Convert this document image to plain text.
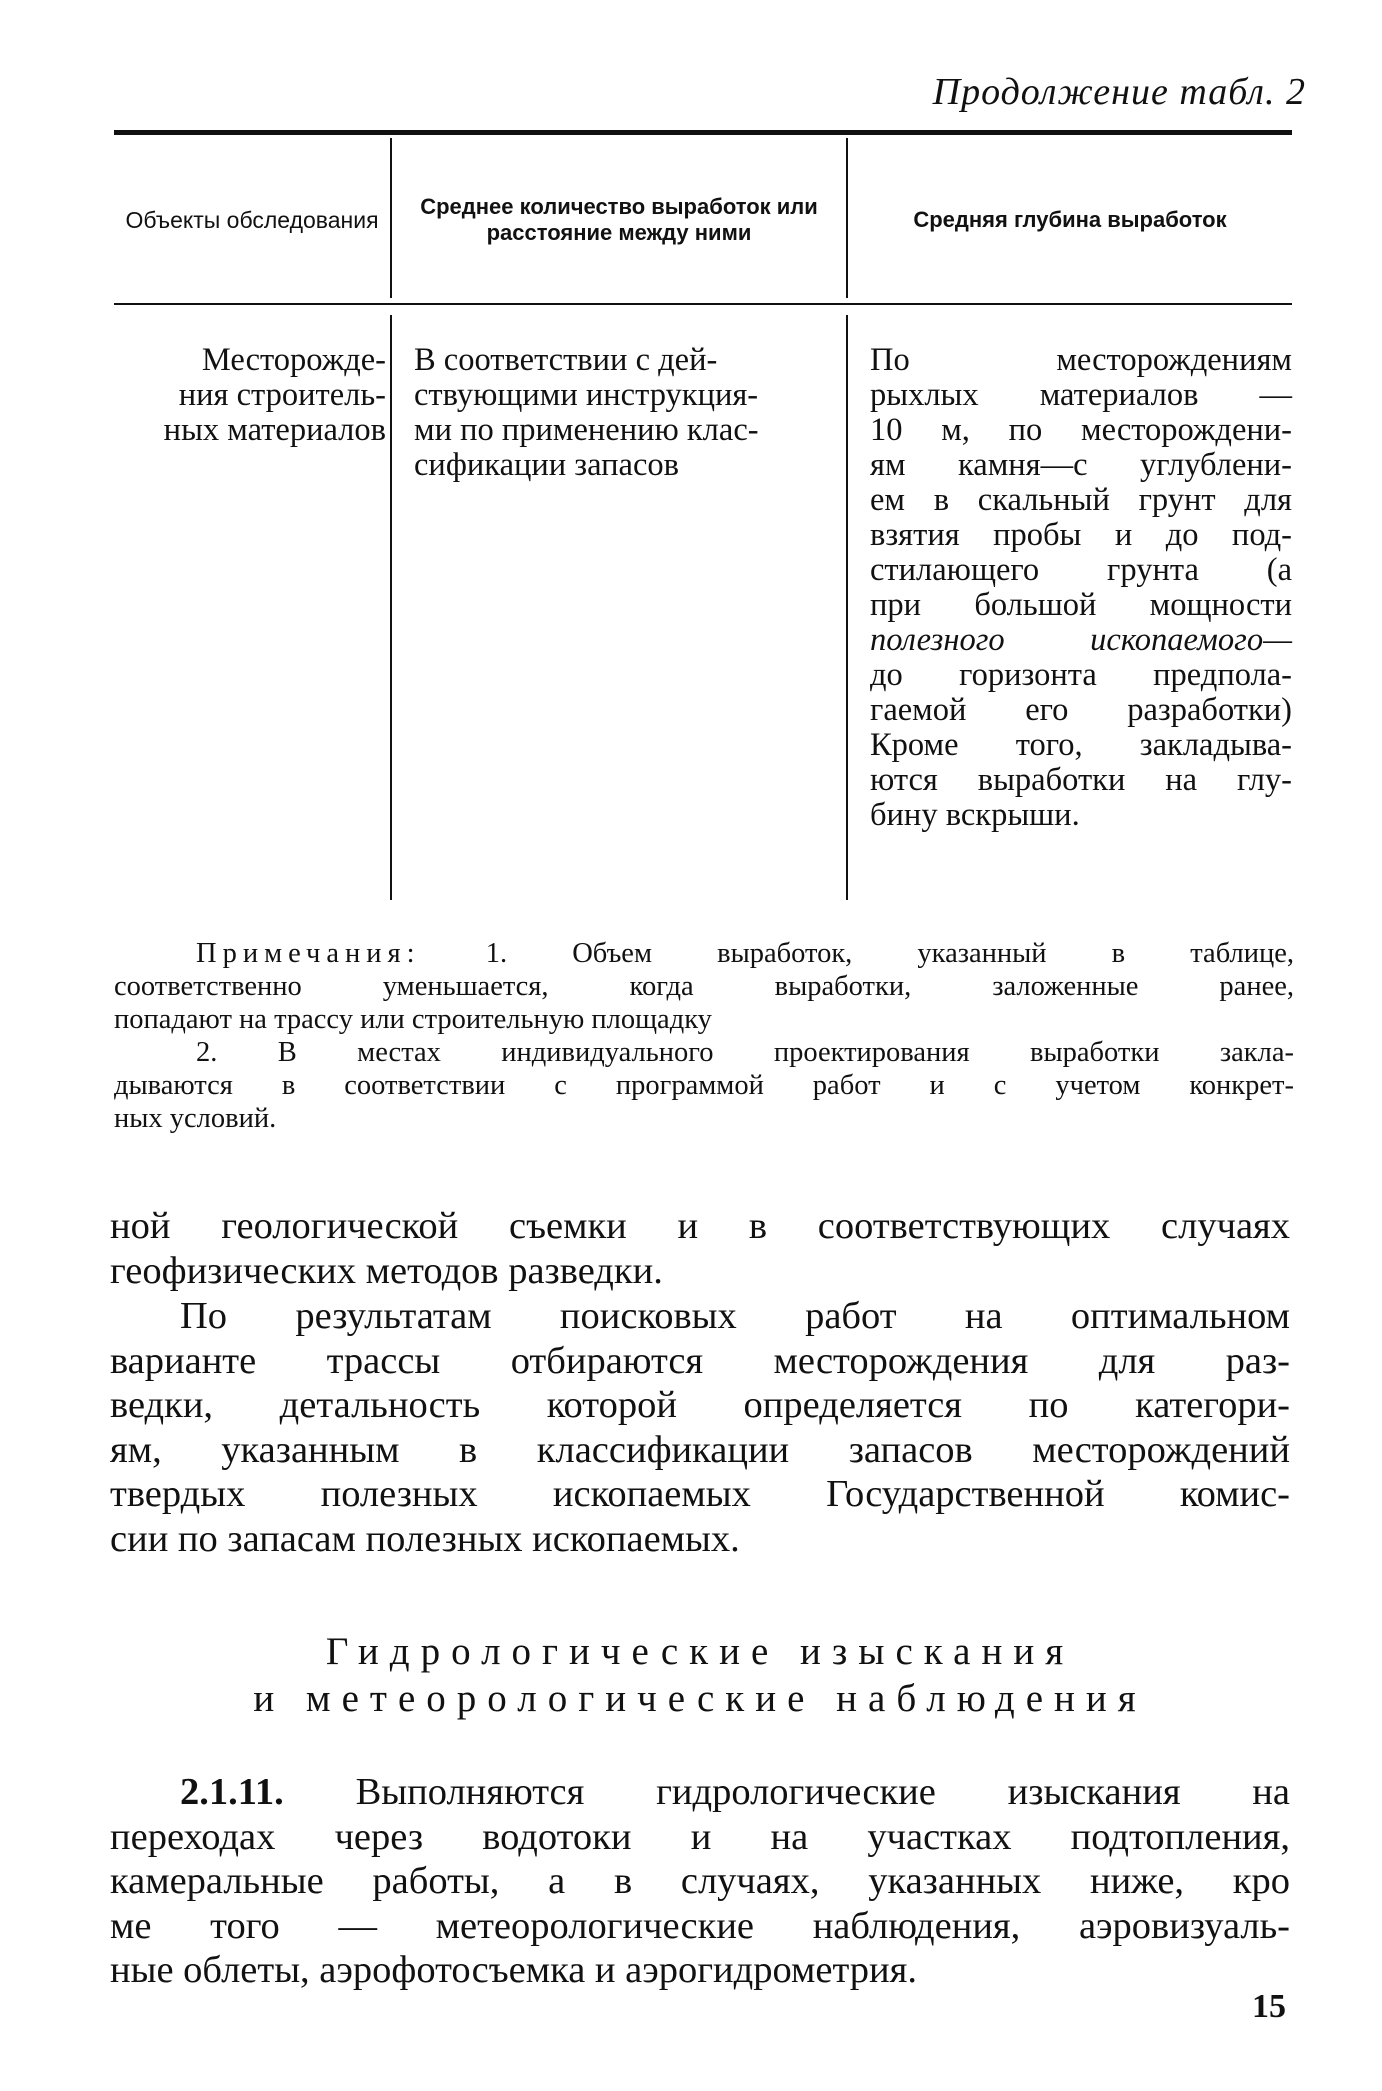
Продолжение табл. 2
Объекты обследования
Среднее количество выработок или расстояние между ними
Средняя глубина выработок
Месторожде-
ния строитель-
ных материалов
В соответствии с дей-
ствующими инструкция-
ми по применению клас-
сификации запасов
По месторождениям
рыхлых материалов —
10 м, по месторождени-
ям камня—с углублени-
ем в скальный грунт для
взятия пробы и до под-
стилающего грунта (а
при большой мощности
полезного ископаемого—
до горизонта предпола-
гаемой его разработки)
Кроме того, закладыва-
ются выработки на глу-
бину вскрыши.
Примечания: 1. Объем выработок, указанный в таблице,
соответственно уменьшается, когда выработки, заложенные ранее,
попадают на трассу или строительную площадку
2. В местах индивидуального проектирования выработки закла-
дываются в соответствии с программой работ и с учетом конкрет-
ных условий.
ной геологической съемки и в соответствующих случаях
геофизических методов разведки.
По результатам поисковых работ на оптимальном
варианте трассы отбираются месторождения для раз-
ведки, детальность которой определяется по категори-
ям, указанным в классификации запасов месторождений
твердых полезных ископаемых Государственной комис-
сии по запасам полезных ископаемых.
Гидрологические изыскания
и метеорологические наблюдения
2.1.11. Выполняются гидрологические изыскания на
переходах через водотоки и на участках подтопления,
камеральные работы, а в случаях, указанных ниже, кро
ме того — метеорологические наблюдения, аэровизуаль-
ные облеты, аэрофотосъемка и аэрогидрометрия.
15
